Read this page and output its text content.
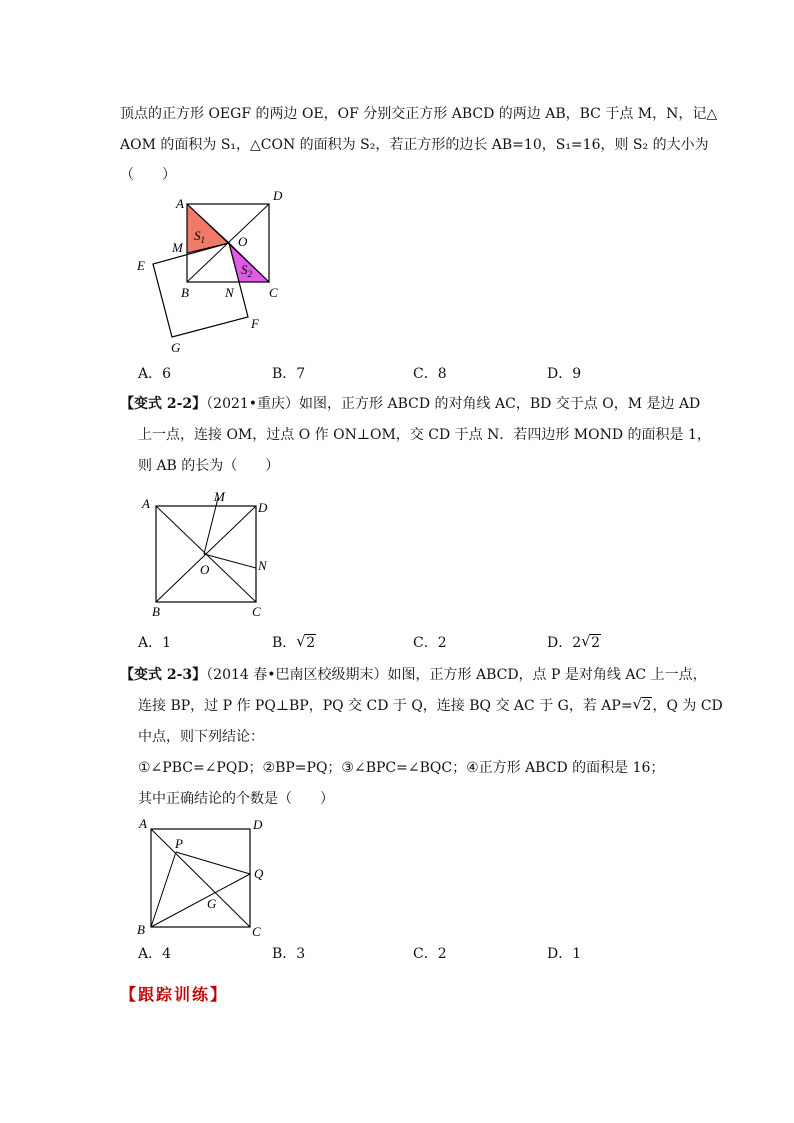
顶点的正方形 OEGF 的两边 OE，OF 分别交正方形 ABCD 的两边 AB，BC 于点 M，N，记△
AOM 的面积为 S₁，△CON 的面积为 S₂，若正方形的边长 AB=10，S₁=16，则 S₂ 的大小为
（　　）
A
D
M	O
E
B	N	C
F
G
$S_1$
$S_2$
A．6	B．7	C．8	D．9
【变式 2-2】（2021•重庆）如图，正方形 ABCD 的对角线 AC，BD 交于点 O，M 是边 AD
上一点，连接 OM，过点 O 作 ON⊥OM，交 CD 于点 N．若四边形 MOND 的面积是 1，
则 AB 的长为（　　）
A	M
D
O	N
B	C
A．1	B． √ 2	C．2	D．2 √ 2
【变式 2-3】（2014 春•巴南区校级期末）如图，正方形 ABCD，点 P 是对角线 AC 上一点，
连接 BP，过 P 作 PQ⊥BP，PQ 交 CD 于 Q，连接 BQ 交 AC 于 G，若 AP= √ 2，Q 为 CD
中点，则下列结论：
①∠PBC=∠PQD；②BP=PQ；③∠BPC=∠BQC；④正方形 ABCD 的面积是 16；
其中正确结论的个数是（　　）
A	D
P
Q
G
B	C
A．4	B．3	C．2	D．1
【跟踪训练】
